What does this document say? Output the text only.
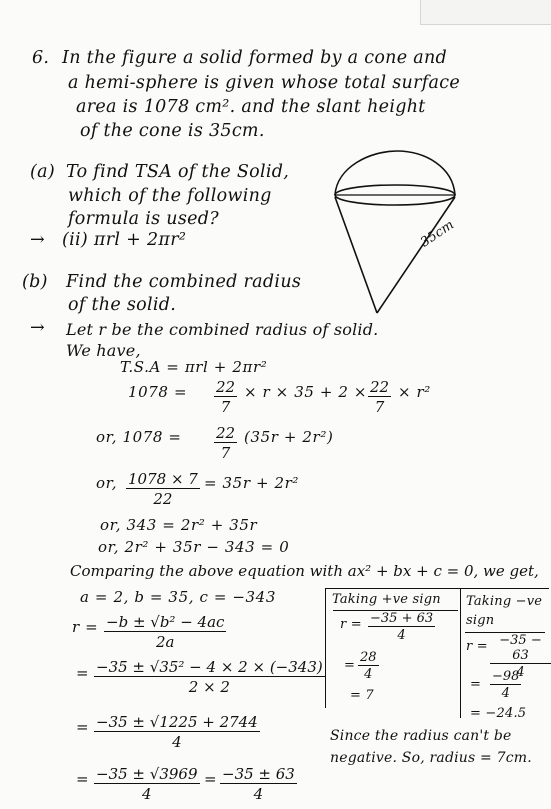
6. In the figure a solid formed by a cone and
a hemi-sphere is given whose total surface
area is 1078 cm². and the slant height
of the cone is 35cm.
(a) To find TSA of the Solid,
which of the following
formula is used?
→ (ii) πrl + 2πr²	35cm
(b) Find the combined radius
of the solid.
→ Let r be the combined radius of solid.
We have,
T.S.A = πrl + 2πr²
$1078 = \frac{22}{7} \times r \times 35 + 2 \times \frac{22}{7} \times r^2$
or, $1078 = \frac{22}{7} (35r + 2r^2)$
or, $\frac{1078 \times 7}{22} = 35r + 2r^2$
or, 343 = 2r² + 35r
or, 2r² + 35r − 343 = 0
Comparing the above equation with ax² + bx + c = 0, we get,
a = 2, b = 35, c = −343
$r = \frac{\text{−b ± √b² − 4ac}}{2a}$
= $\frac{\text{−35 ± √35² − 4 × 2 × (−343)}}{2 \times 2}$
= $\frac{-35 \pm √1225 + 2744}{4}$
= $\frac{-35 \pm √3969}{4} = \frac{-35 \pm 63}{4}$
Taking +ve sign
$r = \frac{-35 + 63}{4}$
= $\frac{28}{4}$
= 7
Taking −ve sign
$r = \frac{-35 - 63}{4}$
= $\frac{-98}{4}$
= −24.5
Since the radius can't be
negative. So, radius = 7cm.
